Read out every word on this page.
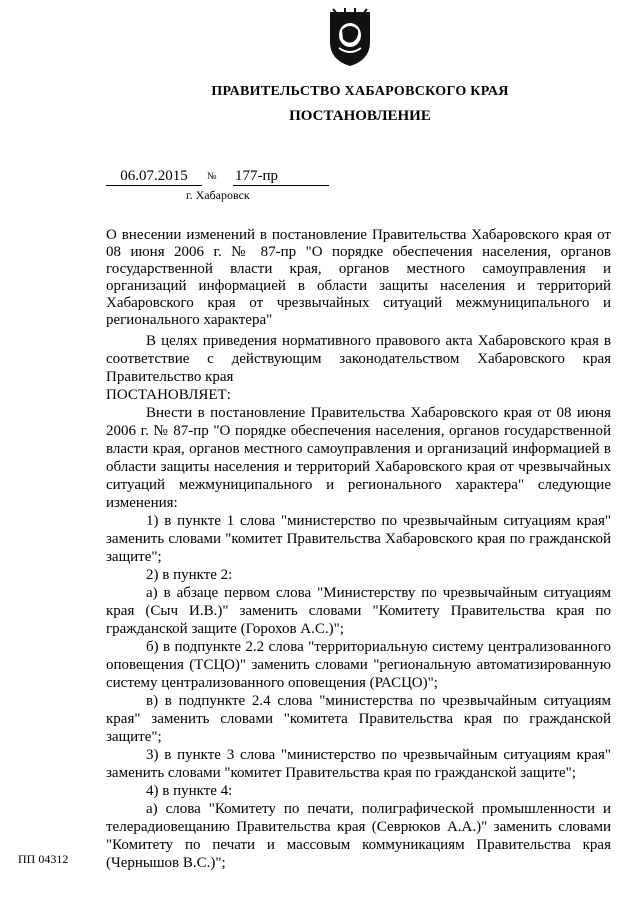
ПРАВИТЕЛЬСТВО ХАБАРОВСКОГО КРАЯ
ПОСТАНОВЛЕНИЕ
06.07.2015	№ 177-пр
г. Хабаровск
О внесении изменений в постановление Правительства Хабаровского края от 08 июня 2006 г. № 87-пр "О порядке обеспечения населения, органов государственной власти края, органов местного самоуправления и организаций информацией в области защиты населения и территорий Хабаровского края от чрезвычайных ситуаций межмуниципального и регионального характера"

В целях приведения нормативного правового акта Хабаровского края в соответствие с действующим законодательством Хабаровского края Правительство края

ПОСТАНОВЛЯЕТ:

Внести в постановление Правительства Хабаровского края от 08 июня 2006 г. № 87-пр "О порядке обеспечения населения, органов государственной власти края, органов местного самоуправления и организаций информацией в области защиты населения и территорий Хабаровского края от чрезвычайных ситуаций межмуниципального и регионального характера" следующие изменения:

1) в пункте 1 слова "министерство по чрезвычайным ситуациям края" заменить словами "комитет Правительства Хабаровского края по гражданской защите";

2) в пункте 2:

а) в абзаце первом слова "Министерству по чрезвычайным ситуациям края (Сыч И.В.)" заменить словами "Комитету Правительства края по гражданской защите (Горохов А.С.)";

б) в подпункте 2.2 слова "территориальную систему централизованного оповещения (ТСЦО)" заменить словами "региональную автоматизированную систему централизованного оповещения (РАСЦО)";

в) в подпункте 2.4 слова "министерства по чрезвычайным ситуациям края" заменить словами "комитета Правительства края по гражданской защите";

3) в пункте 3 слова "министерство по чрезвычайным ситуациям края" заменить словами "комитет Правительства края по гражданской защите";

4) в пункте 4:

а) слова "Комитету по печати, полиграфической промышленности и телерадиовещанию Правительства края (Севрюков А.А.)" заменить словами "Комитету по печати и массовым коммуникациям Правительства края (Чернышов В.С.)";

ПП 04312
